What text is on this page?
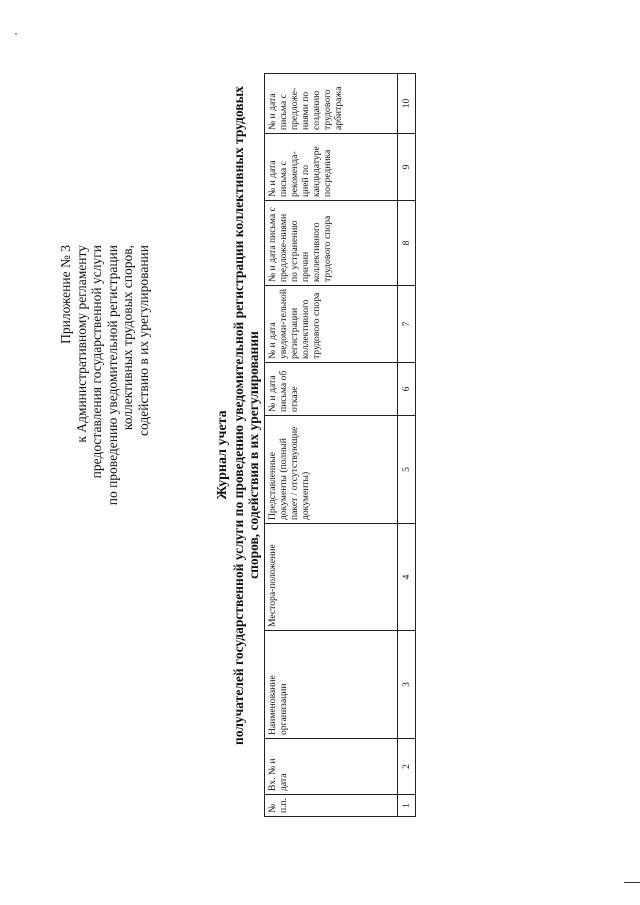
Приложение № 3 к Административному регламенту предоставления государственной услуги по проведению уведомительной регистрации коллективных трудовых споров, содействию в их урегулировании
Журнал учета получателей государственной услуги по проведению уведомительной регистрации коллективных трудовых споров, содействия в их урегулировании
№ п.п.	Вх. № и дата	Наименование организации	Местора-положение	Представленные документы (полный пакет / отсутствующие документы)	№ и дата письма об отказе	№ и дата уведоми-тельной регистрации коллективного трудового спора	№ и дата письма с предложе-ниями по устранению причин коллективного трудового спора	№ и дата письма с рекоменда-цией по кандидатуре посредника	№ и дата письма с предложе-ниями по созданию трудового арбитража
1	2	3	4	5	6	7	8	9	10
